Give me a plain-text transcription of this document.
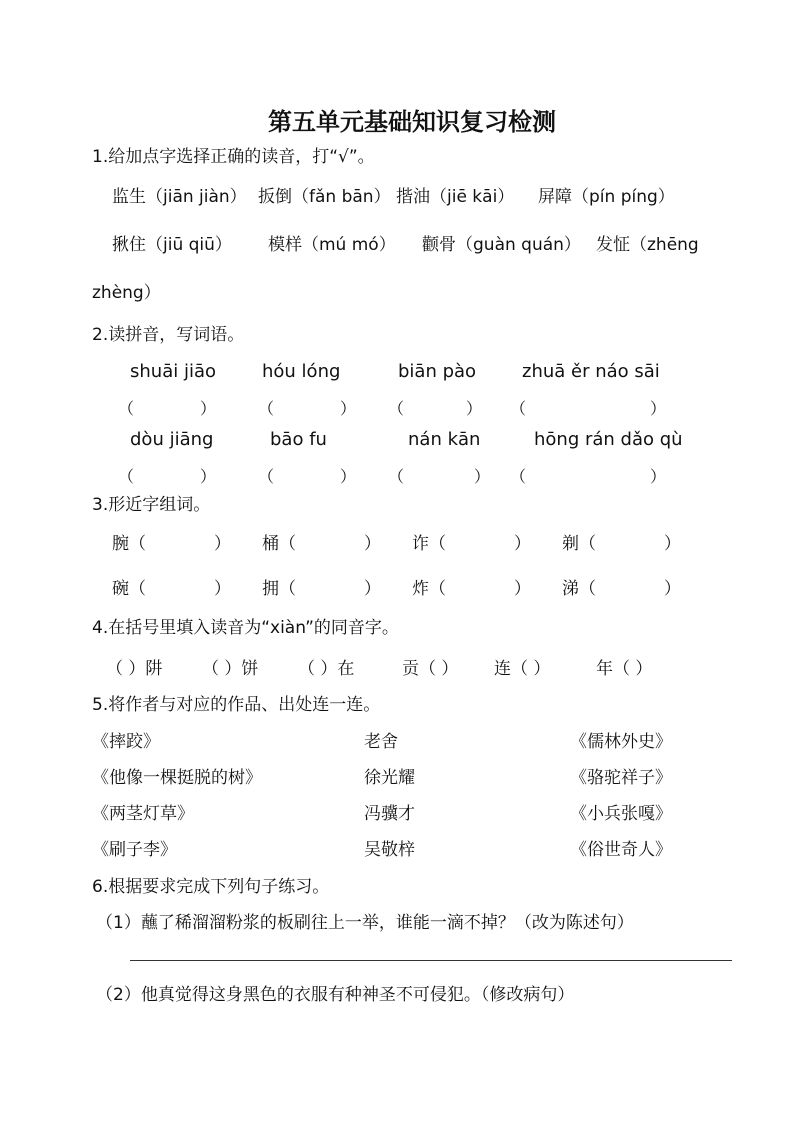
第五单元基础知识复习检测
1.给加点字选择正确的读音，打“√”。
监生（jiān jiàn） 扳倒（fǎn bān） 揩油（jiē kāi） 屏障（pín píng）
揪住（jiū qiū） 模样（mú mó） 颧骨（guàn quán） 发怔（zhēng
zhèng）
2.读拼音，写词语。
shuāi jiāo	hóu lóng	biān pào	zhuā ěr náo sāi
（	）	（	） （	） （	）
dòu jiāng	bāo fu	nán kān	hōng rán dǎo qù
（	）	（	） （	） （	）
3.形近字组词。
腕（	） 桶（	） 诈（	） 剃（	）
碗（	） 拥（	） 炸（	） 涕（	）
4.在括号里填入读音为“xiàn”的同音字。
（ ）阱 （ ）饼 （ ）在	贡（ ） 连（ ）	年（ ）
5.将作者与对应的作品、出处连一连。
《摔跤》	老舍	《儒林外史》
《他像一棵挺脱的树》	徐光耀	《骆驼祥子》
《两茎灯草》	冯骥才	《小兵张嘎》
《刷子李》	吴敬梓	《俗世奇人》
6.根据要求完成下列句子练习。
（1）蘸了稀溜溜粉浆的板刷往上一举，谁能一滴不掉？（改为陈述句）
（2）他真觉得这身黑色的衣服有种神圣不可侵犯。（修改病句）
